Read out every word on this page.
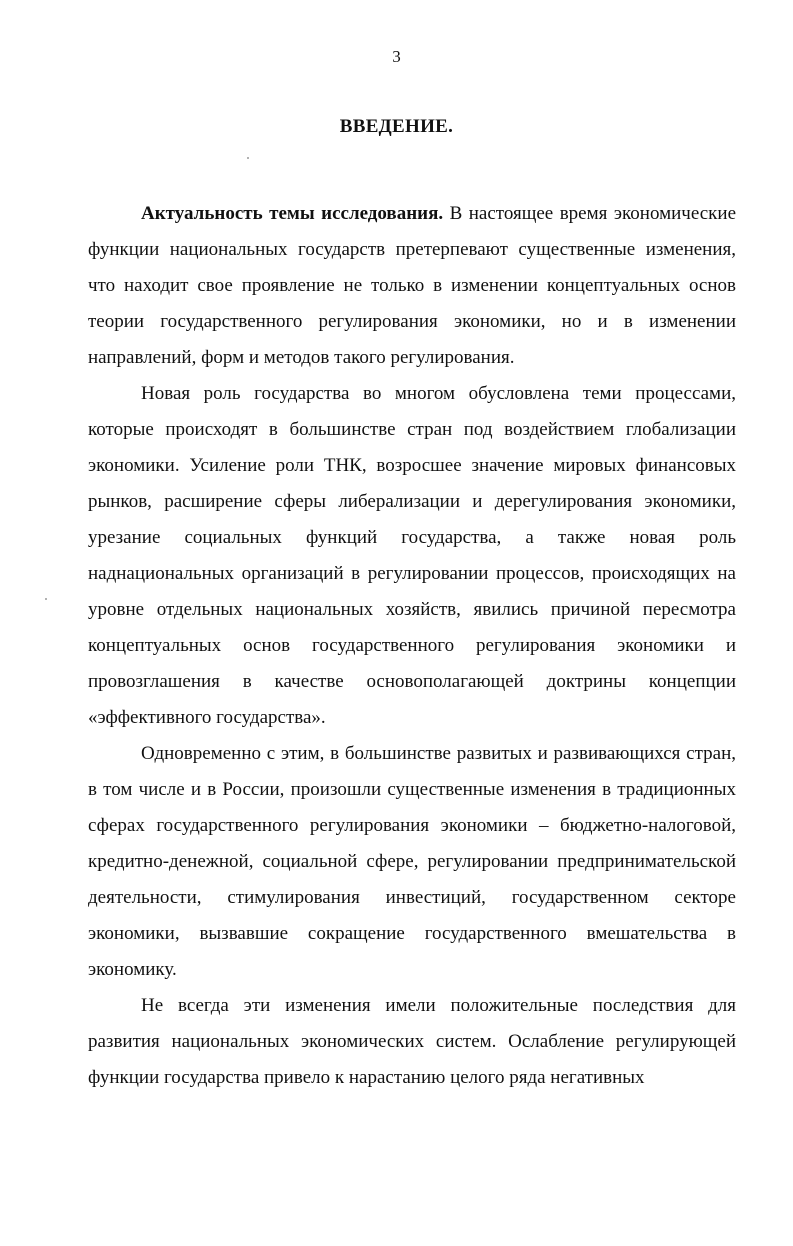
3
ВВЕДЕНИЕ.

Актуальность темы исследования. В настоящее время экономические функции национальных государств претерпевают существенные изменения, что находит свое проявление не только в изменении концептуальных основ теории государственного регулирования экономики, но и в изменении направлений, форм и методов такого регулирования.

Новая роль государства во многом обусловлена теми процессами, которые происходят в большинстве стран под воздействием глобализации экономики. Усиление роли ТНК, возросшее значение мировых финансовых рынков, расширение сферы либерализации и дерегулирования экономики, урезание социальных функций государства, а также новая роль наднациональных организаций в регулировании процессов, происходящих на уровне отдельных национальных хозяйств, явились причиной пересмотра концептуальных основ государственного регулирования экономики и провозглашения в качестве основополагающей доктрины концепции «эффективного государства».

Одновременно с этим, в большинстве развитых и развивающихся стран, в том числе и в России, произошли существенные изменения в традиционных сферах государственного регулирования экономики – бюджетно-налоговой, кредитно-денежной, социальной сфере, регулировании предпринимательской деятельности, стимулирования инвестиций, государственном секторе экономики, вызвавшие сокращение государственного вмешательства в экономику.

Не всегда эти изменения имели положительные последствия для развития национальных экономических систем. Ослабление регулирующей функции государства привело к нарастанию целого ряда негативных
